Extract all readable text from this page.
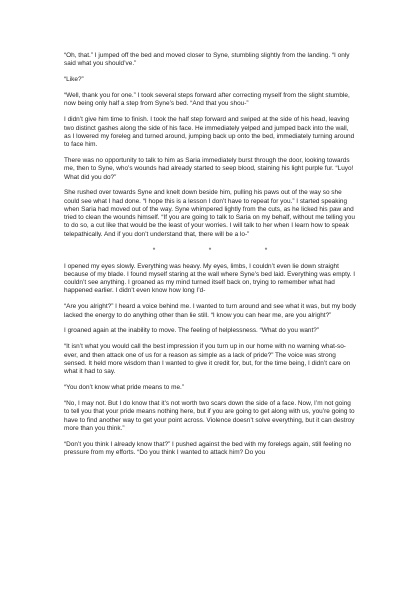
“Oh, that.” I jumped off the bed and moved closer to Syne, stumbling slightly from the landing. “I only said what you should’ve.”

“Like?”

“Well, thank you for one.” I took several steps forward after correcting myself from the slight stumble, now being only half a step from Syne’s bed. “And that you shou-”

I didn’t give him time to finish. I took the half step forward and swiped at the side of his head, leaving two distinct gashes along the side of his face. He immediately yelped and jumped back into the wall, as I lowered my foreleg and turned around, jumping back up onto the bed, immediately turning around to face him.

There was no opportunity to talk to him as Saria immediately burst through the door, looking towards me, then to Syne, who’s wounds had already started to seep blood, staining his light purple fur. “Luyo! What did you do?”

She rushed over towards Syne and knelt down beside him, pulling his paws out of the way so she could see what I had done. “I hope this is a lesson I don’t have to repeat for you.” I started speaking when Saria had moved out of the way. Syne whimpered lightly from the cuts, as he licked his paw and tried to clean the wounds himself. “If you are going to talk to Saria on my behalf, without me telling you to do so, a cut like that would be the least of your worries. I will talk to her when I learn how to speak telepathically. And if you don’t understand that, there will be a lo-”

*	*	*

I opened my eyes slowly. Everything was heavy. My eyes, limbs, I couldn’t even lie down straight because of my blade. I found myself staring at the wall where Syne’s bed laid. Everything was empty. I couldn’t see anything. I groaned as my mind turned itself back on, trying to remember what had happened earlier. I didn’t even know how long I’d-

“Are you alright?” I heard a voice behind me. I wanted to turn around and see what it was, but my body lacked the energy to do anything other than lie still. “I know you can hear me, are you alright?”

I groaned again at the inability to move. The feeling of helplessness. “What do you want?”

“It isn’t what you would call the best impression if you turn up in our home with no warning what-so-ever, and then attack one of us for a reason as simple as a lack of pride?” The voice was strong sensed. It held more wisdom than I wanted to give it credit for, but, for the time being, I didn’t care on what it had to say.

“You don’t know what pride means to me.”

“No, I may not. But I do know that it’s not worth two scars down the side of a face. Now, I’m not going to tell you that your pride means nothing here, but if you are going to get along with us, you’re going to have to find another way to get your point across. Violence doesn’t solve everything, but it can destroy more than you think.”

“Don’t you think I already know that?” I pushed against the bed with my forelegs again, still feeling no pressure from my efforts. “Do you think I wanted to attack him? Do you
